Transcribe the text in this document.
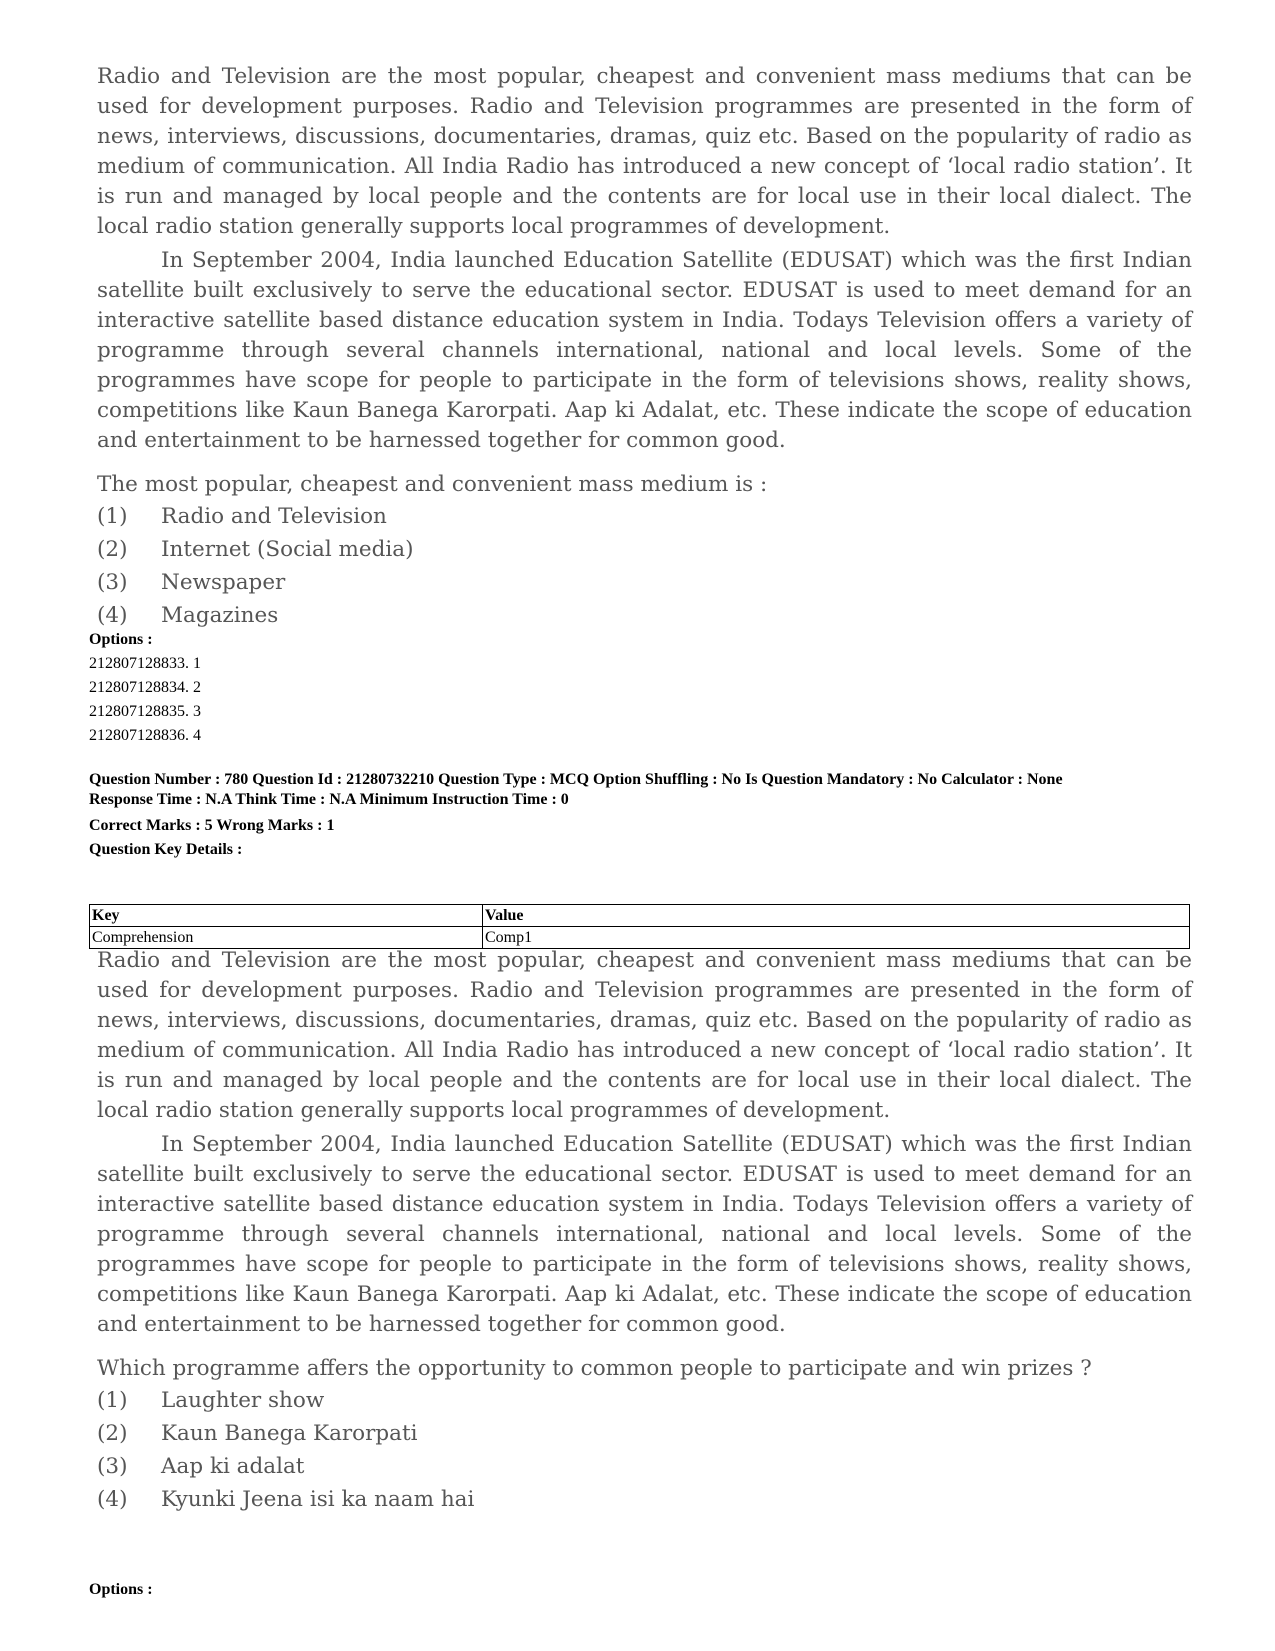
Radio and Television are the most popular, cheapest and convenient mass mediums that can be used for development purposes. Radio and Television programmes are presented in the form of news, interviews, discussions, documentaries, dramas, quiz etc. Based on the popularity of radio as medium of communication. All India Radio has introduced a new concept of ‘local radio station’. It is run and managed by local people and the contents are for local use in their local dialect. The local radio station generally supports local programmes of development.

In September 2004, India launched Education Satellite (EDUSAT) which was the first Indian satellite built exclusively to serve the educational sector. EDUSAT is used to meet demand for an interactive satellite based distance education system in India. Todays Television offers a variety of programme through several channels international, national and local levels. Some of the programmes have scope for people to participate in the form of televisions shows, reality shows, competitions like Kaun Banega Karorpati. Aap ki Adalat, etc. These indicate the scope of education and entertainment to be harnessed together for common good.

The most popular, cheapest and convenient mass medium is :

(1)	Radio and Television
(2)	Internet (Social media)
(3)	Newspaper
(4)	Magazines
Options :
212807128833. 1
212807128834. 2
212807128835. 3
212807128836. 4
Question Number : 780 Question Id : 21280732210 Question Type : MCQ Option Shuffling : No Is Question Mandatory : No Calculator : None
Response Time : N.A Think Time : N.A Minimum Instruction Time : 0
Correct Marks : 5 Wrong Marks : 1
Question Key Details :
Key	Value
Comprehension	Comp1

Radio and Television are the most popular, cheapest and convenient mass mediums that can be used for development purposes. Radio and Television programmes are presented in the form of news, interviews, discussions, documentaries, dramas, quiz etc. Based on the popularity of radio as medium of communication. All India Radio has introduced a new concept of ‘local radio station’. It is run and managed by local people and the contents are for local use in their local dialect. The local radio station generally supports local programmes of development.

In September 2004, India launched Education Satellite (EDUSAT) which was the first Indian satellite built exclusively to serve the educational sector. EDUSAT is used to meet demand for an interactive satellite based distance education system in India. Todays Television offers a variety of programme through several channels international, national and local levels. Some of the programmes have scope for people to participate in the form of televisions shows, reality shows, competitions like Kaun Banega Karorpati. Aap ki Adalat, etc. These indicate the scope of education and entertainment to be harnessed together for common good.

Which programme affers the opportunity to common people to participate and win prizes ?

(1)	Laughter show
(2)	Kaun Banega Karorpati
(3)	Aap ki adalat
(4)	Kyunki Jeena isi ka naam hai
Options :
